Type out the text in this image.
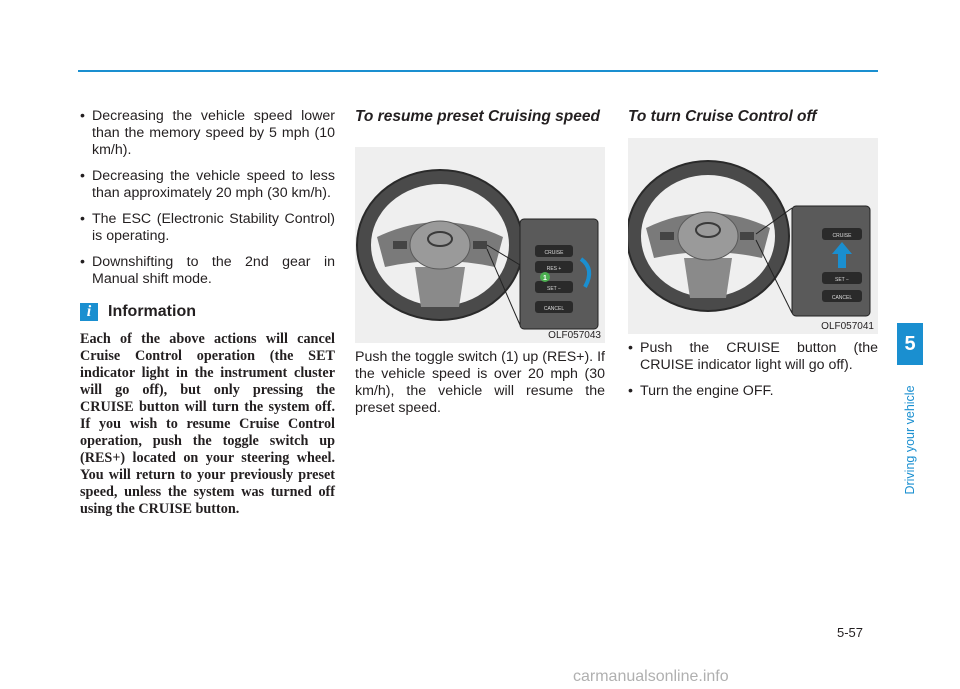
• Decreasing the vehicle speed lower than the memory speed by 5 mph (10 km/h).
• Decreasing the vehicle speed to less than approximately 20 mph (30 km/h).
• The ESC (Electronic Stability Control) is operating.
• Downshifting to the 2nd gear in Manual shift mode.
i	Information

Each of the above actions will cancel Cruise Control operation (the SET indicator light in the instrument cluster will go off), but only pressing the CRUISE button will turn the system off. If you wish to resume Cruise Control operation, push the toggle switch up (RES+) located on your steering wheel. You will return to your previously preset speed, unless the system was turned off using the CRUISE button.

To resume preset Cruising speed
CRUISE
RES +
SET −
CANCEL
1
OLF057043

Push the toggle switch (1) up (RES+). If the vehicle speed is over 20 mph (30 km/h), the vehicle will resume the preset speed.

To turn Cruise Control off
CRUISE
SET −
CANCEL
OLF057041
• Push the CRUISE button (the CRUISE indicator light will go off).
• Turn the engine OFF.
5
Driving your vehicle
5-57
carmanualsonline.info
